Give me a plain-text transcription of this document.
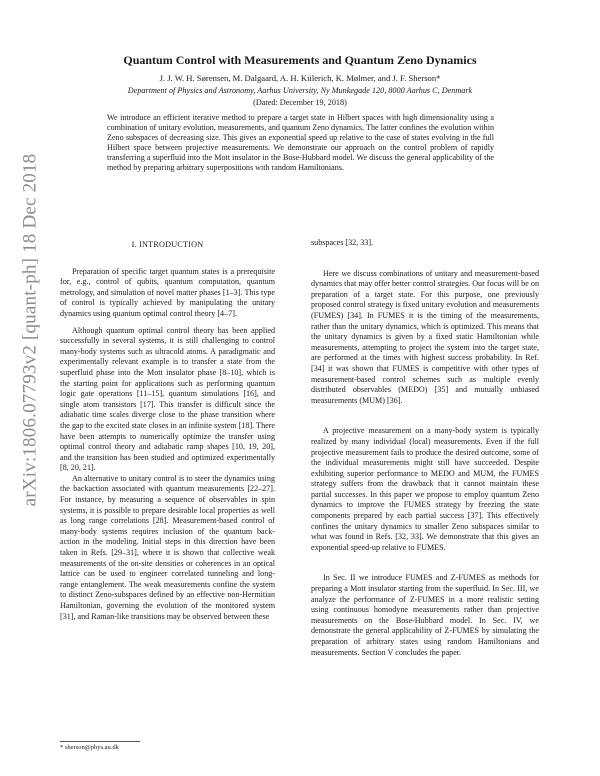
arXiv:1806.07793v2 [quant-ph] 18 Dec 2018
Quantum Control with Measurements and Quantum Zeno Dynamics
J. J. W. H. Sørensen, M. Dalgaard, A. H. Kiilerich, K. Mølmer, and J. F. Sherson*
Department of Physics and Astronomy, Aarhus University, Ny Munkegade 120, 8000 Aarhus C, Denmark
(Dated: December 19, 2018)

We introduce an efficient iterative method to prepare a target state in Hilbert spaces with high dimensionality using a combination of unitary evolution, measurements, and quantum Zeno dynamics. The latter confines the evolution within Zeno subspaces of decreasing size. This gives an exponential speed up relative to the case of states evolving in the full Hilbert space between projective measurements. We demonstrate our approach on the control problem of rapidly transferring a superfluid into the Mott insulator in the Bose-Hubbard model. We discuss the general applicability of the method by preparing arbitrary superpositions with random Hamiltonians.

I. INTRODUCTION

Preparation of specific target quantum states is a prerequisite for, e.g., control of qubits, quantum computation, quantum metrology, and simulation of novel matter phases [1–3]. This type of control is typically achieved by manipulating the unitary dynamics using quantum optimal control theory [4–7].

Although quantum optimal control theory has been applied successfully in several systems, it is still challenging to control many-body systems such as ultracold atoms. A paradigmatic and experimentally relevant example is to transfer a state from the superfluid phase into the Mott insulator phase [8–10], which is the starting point for applications such as performing quantum logic gate operations [11–15], quantum simulations [16], and single atom transistors [17]. This transfer is difficult since the adiabatic time scales diverge close to the phase transition where the gap to the excited state closes in an infinite system [18]. There have been attempts to numerically optimize the transfer using optimal control theory and adiabatic ramp shapes [10, 19, 20], and the transition has been studied and optimized experimentally [8, 20, 21].

An alternative to unitary control is to steer the dynamics using the backaction associated with quantum measurements [22–27]. For instance, by measuring a sequence of observables in spin systems, it is possible to prepare desirable local properties as well as long range correlations [28]. Measurement-based control of many-body systems requires inclusion of the quantum back-action in the modeling. Initial steps in this direction have been taken in Refs. [29–31], where it is shown that collective weak measurements of the on-site densities or coherences in an optical lattice can be used to engineer correlated tunneling and long-range entanglement. The weak measurements confine the system to distinct Zeno-subspaces defined by an effective non-Hermitian Hamiltonian, governing the evolution of the monitored system [31], and Raman-like transitions may be observed between these

subspaces [32, 33].

Here we discuss combinations of unitary and measurement-based dynamics that may offer better control strategies. Our focus will be on preparation of a target state. For this purpose, one previously proposed control strategy is fixed unitary evolution and measurements (FUMES) [34]. In FUMES it is the timing of the measurements, rather than the unitary dynamics, which is optimized. This means that the unitary dynamics is given by a fixed static Hamiltonian while measurements, attempting to project the system into the target state, are performed at the times with highest success probability. In Ref. [34] it was shown that FUMES is competitive with other types of measurement-based control schemes such as multiple evenly distributed observables (MEDO) [35] and mutually unbiased measurements (MUM) [36].

A projective measurement on a many-body system is typically realized by many individual (local) measurements. Even if the full projective measurement fails to produce the desired outcome, some of the individual measurements might still have succeeded. Despite exhibiting superior performance to MEDO and MUM, the FUMES strategy suffers from the drawback that it cannot maintain these partial successes. In this paper we propose to employ quantum Zeno dynamics to improve the FUMES strategy by freezing the state components prepared by each partial success [37]. This effectively confines the unitary dynamics to smaller Zeno subspaces similar to what was found in Refs. [32, 33]. We demonstrate that this gives an exponential speed-up relative to FUMES.

In Sec. II we introduce FUMES and Z-FUMES as methods for preparing a Mott insulator starting from the superfluid. In Sec. III, we analyze the performance of Z-FUMES in a more realistic setting using continuous homodyne measurements rather than projective measurements on the Bose-Hubbard model. In Sec. IV, we demonstrate the general applicability of Z-FUMES by simulating the preparation of arbitrary states using random Hamiltonians and measurements. Section V concludes the paper.

* sherson@phys.au.dk
